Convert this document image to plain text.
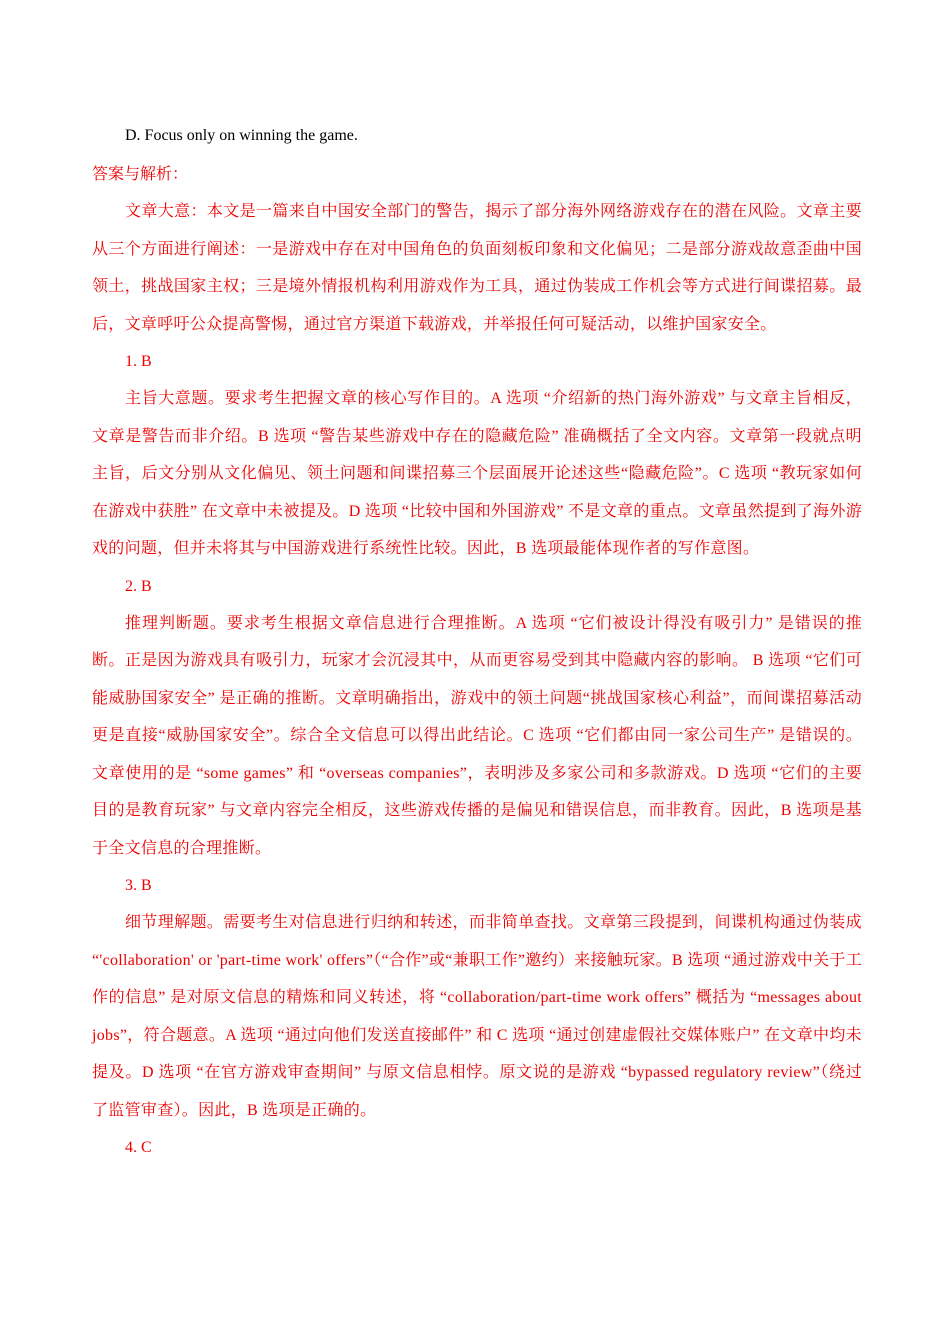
D. Focus only on winning the game.

答案与解析：

文章大意：本文是一篇来自中国安全部门的警告，揭示了部分海外网络游戏存在的潜在风险。文章主要从三个方面进行阐述：一是游戏中存在对中国角色的负面刻板印象和文化偏见；二是部分游戏故意歪曲中国领土，挑战国家主权；三是境外情报机构利用游戏作为工具，通过伪装成工作机会等方式进行间谍招募。最后，文章呼吁公众提高警惕，通过官方渠道下载游戏，并举报任何可疑活动，以维护国家安全。

1. B

主旨大意题。要求考生把握文章的核心写作目的。A 选项 “介绍新的热门海外游戏” 与文章主旨相反，文章是警告而非介绍。B 选项 “警告某些游戏中存在的隐藏危险” 准确概括了全文内容。文章第一段就点明主旨，后文分别从文化偏见、领土问题和间谍招募三个层面展开论述这些“隐藏危险”。C 选项 “教玩家如何在游戏中获胜” 在文章中未被提及。D 选项 “比较中国和外国游戏” 不是文章的重点。文章虽然提到了海外游戏的问题，但并未将其与中国游戏进行系统性比较。因此，B 选项最能体现作者的写作意图。

2. B

推理判断题。要求考生根据文章信息进行合理推断。A 选项 “它们被设计得没有吸引力” 是错误的推断。正是因为游戏具有吸引力，玩家才会沉浸其中，从而更容易受到其中隐藏内容的影响。 B 选项 “它们可能威胁国家安全” 是正确的推断。文章明确指出，游戏中的领土问题“挑战国家核心利益”，而间谍招募活动更是直接“威胁国家安全”。综合全文信息可以得出此结论。C 选项 “它们都由同一家公司生产” 是错误的。文章使用的是 “some games” 和 “overseas companies”，表明涉及多家公司和多款游戏。D 选项 “它们的主要目的是教育玩家” 与文章内容完全相反，这些游戏传播的是偏见和错误信息，而非教育。因此，B 选项是基于全文信息的合理推断。

3. B

细节理解题。需要考生对信息进行归纳和转述，而非简单查找。文章第三段提到，间谍机构通过伪装成 “'collaboration' or 'part-time work' offers”（“合作”或“兼职工作”邀约）来接触玩家。B 选项 “通过游戏中关于工作的信息” 是对原文信息的精炼和同义转述，将 “collaboration/part-time work offers” 概括为 “messages about jobs”，符合题意。A 选项 “通过向他们发送直接邮件” 和 C 选项 “通过创建虚假社交媒体账户” 在文章中均未提及。D 选项 “在官方游戏审查期间” 与原文信息相悖。原文说的是游戏 “bypassed regulatory review”（绕过了监管审查）。因此，B 选项是正确的。

4. C
